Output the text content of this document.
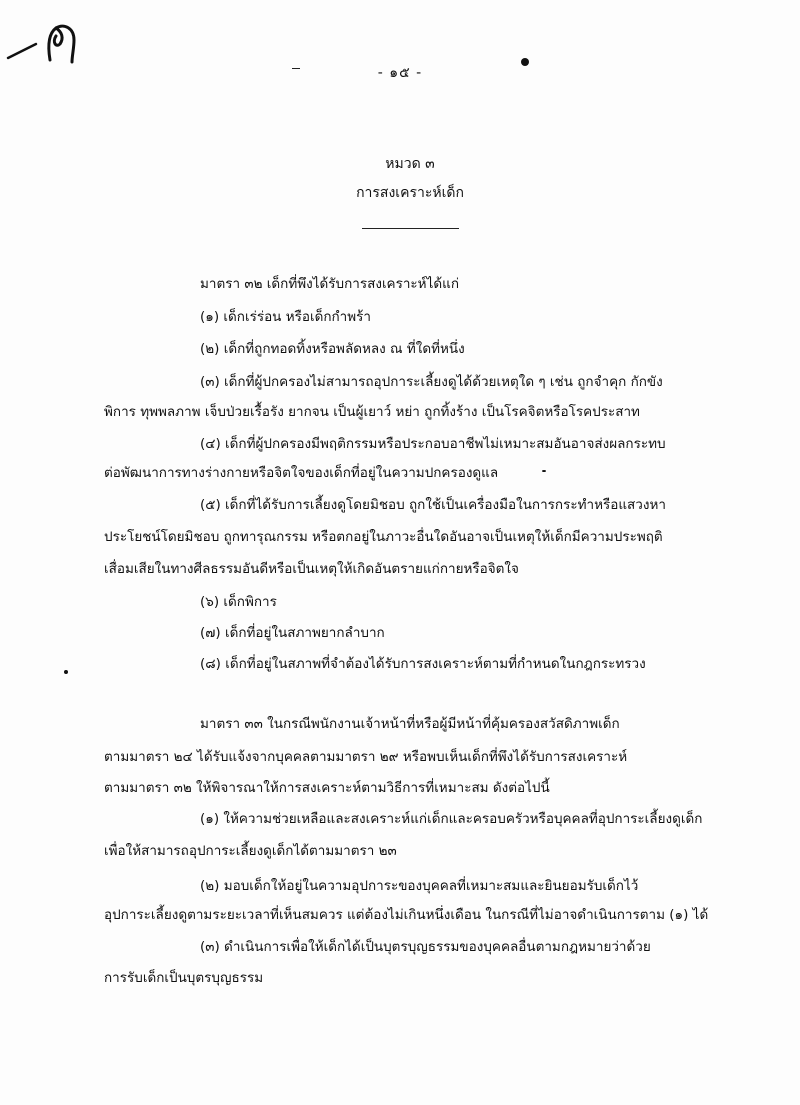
- ๑๕ -
หมวด ๓
การสงเคราะห์เด็ก
มาตรา ๓๒ เด็กที่พึงได้รับการสงเคราะห์ได้แก่
(๑) เด็กเร่ร่อน หรือเด็กกำพร้า
(๒) เด็กที่ถูกทอดทิ้งหรือพลัดหลง ณ ที่ใดที่หนึ่ง
(๓) เด็กที่ผู้ปกครองไม่สามารถอุปการะเลี้ยงดูได้ด้วยเหตุใด ๆ เช่น ถูกจำคุก กักขัง
พิการ ทุพพลภาพ เจ็บป่วยเรื้อรัง ยากจน เป็นผู้เยาว์ หย่า ถูกทิ้งร้าง เป็นโรคจิตหรือโรคประสาท
(๔) เด็กที่ผู้ปกครองมีพฤติกรรมหรือประกอบอาชีพไม่เหมาะสมอันอาจส่งผลกระทบ
ต่อพัฒนาการทางร่างกายหรือจิตใจของเด็กที่อยู่ในความปกครองดูแล
(๕) เด็กที่ได้รับการเลี้ยงดูโดยมิชอบ ถูกใช้เป็นเครื่องมือในการกระทำหรือแสวงหา
ประโยชน์โดยมิชอบ ถูกทารุณกรรม หรือตกอยู่ในภาวะอื่นใดอันอาจเป็นเหตุให้เด็กมีความประพฤติ
เสื่อมเสียในทางศีลธรรมอันดีหรือเป็นเหตุให้เกิดอันตรายแก่กายหรือจิตใจ
(๖) เด็กพิการ
(๗) เด็กที่อยู่ในสภาพยากลำบาก
(๘) เด็กที่อยู่ในสภาพที่จำต้องได้รับการสงเคราะห์ตามที่กำหนดในกฎกระทรวง
มาตรา ๓๓ ในกรณีพนักงานเจ้าหน้าที่หรือผู้มีหน้าที่คุ้มครองสวัสดิภาพเด็ก
ตามมาตรา ๒๔ ได้รับแจ้งจากบุคคลตามมาตรา ๒๙ หรือพบเห็นเด็กที่พึงได้รับการสงเคราะห์
ตามมาตรา ๓๒ ให้พิจารณาให้การสงเคราะห์ตามวิธีการที่เหมาะสม ดังต่อไปนี้
(๑) ให้ความช่วยเหลือและสงเคราะห์แก่เด็กและครอบครัวหรือบุคคลที่อุปการะเลี้ยงดูเด็ก
เพื่อให้สามารถอุปการะเลี้ยงดูเด็กได้ตามมาตรา ๒๓
(๒) มอบเด็กให้อยู่ในความอุปการะของบุคคลที่เหมาะสมและยินยอมรับเด็กไว้
อุปการะเลี้ยงดูตามระยะเวลาที่เห็นสมควร แต่ต้องไม่เกินหนึ่งเดือน ในกรณีที่ไม่อาจดำเนินการตาม (๑) ได้
(๓) ดำเนินการเพื่อให้เด็กได้เป็นบุตรบุญธรรมของบุคคลอื่นตามกฎหมายว่าด้วย
การรับเด็กเป็นบุตรบุญธรรม
